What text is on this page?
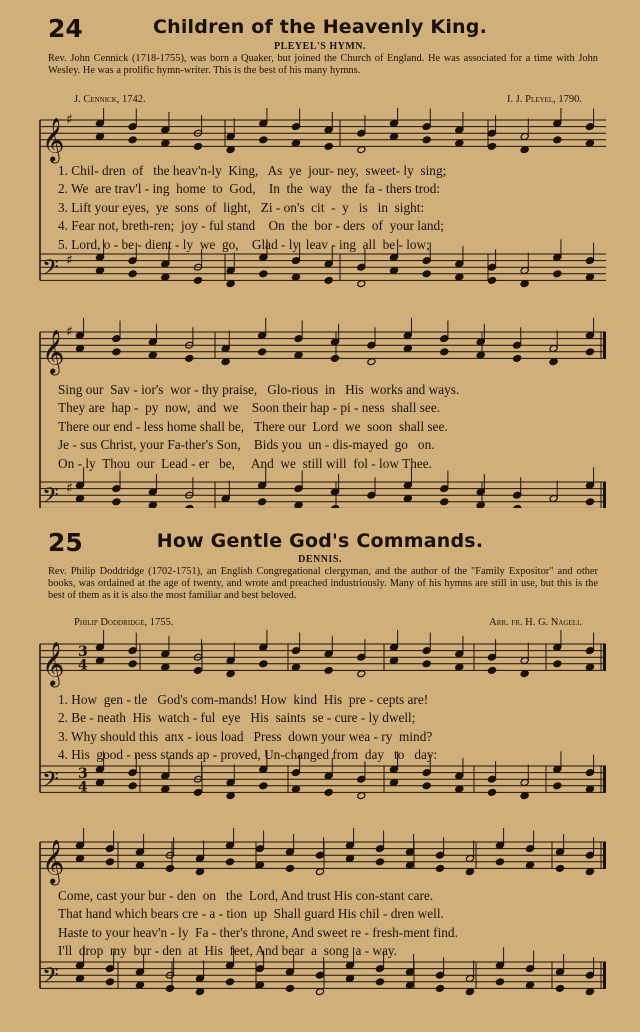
24	Children of the Heavenly King.
PLEYEL'S HYMN.
Rev. John Cennick (1718-1755), was born a Quaker, but joined the Church of England. He was associated for a time with John Wesley. He was a prolific hymn-writer. This is the best of his many hymns.
J. Cennick, 1742.	I. J. Pleyel, 1790.
𝄞 ♯
𝄢 ♯
1. Chil- dren  of   the heav'n-ly  King,   As  ye  jour- ney,  sweet- ly  sing;
2. We  are trav'l - ing  home  to  God,    In  the  way   the  fa - thers trod:
3. Lift your eyes,  ye  sons  of  light,   Zi - on's  cit  -  y   is   in  sight:
4. Fear not, breth-ren;  joy - ful stand    On  the  bor - ders  of  your land;
5. Lord, o - be - dient - ly  we  go,    Glad - ly  leav - ing  all  be - low;
𝄞 ♯
𝄢 ♯
Sing our  Sav - ior's  wor - thy praise,   Glo-rious  in   His  works and ways.
They are  hap -  py  now,  and  we    Soon their hap - pi - ness  shall see.
There our end - less home shall be,   There our  Lord  we  soon  shall see.
Je - sus Christ, your Fa-ther's Son,    Bids you  un - dis-mayed  go   on.
On - ly  Thou  our  Lead - er   be,     And  we  still will  fol - low Thee.
25	How Gentle God's Commands.
DENNIS.
Rev. Philip Doddridge (1702-1751), an English Congregational clergyman, and the author of the "Family Expositor" and other books, was ordained at the age of twenty, and wrote and preached industriously. Many of his hymns are still in use, but this is the best of them as it is also the most familiar and best beloved.
Philip Doddridge, 1755.	Arr. fr. H. G. Nageli.
𝄞 3
4
𝄢 3
4
1. How  gen - tle   God's com-mands! How  kind  His  pre - cepts are!
2. Be - neath  His  watch - ful  eye   His  saints  se - cure - ly dwell;
3. Why should this  anx - ious load   Press  down your wea - ry  mind?
4. His  good - ness stands ap - proved, Un-changed from  day   to   day:
𝄞
𝄢
Come, cast your bur - den  on   the  Lord, And trust His con-stant care.
That hand which bears cre - a - tion  up  Shall guard His chil - dren well.
Haste to your heav'n - ly  Fa - ther's throne, And sweet re - fresh-ment find.
I'll  drop  my  bur - den  at  His  feet, And bear  a  song  a - way.
